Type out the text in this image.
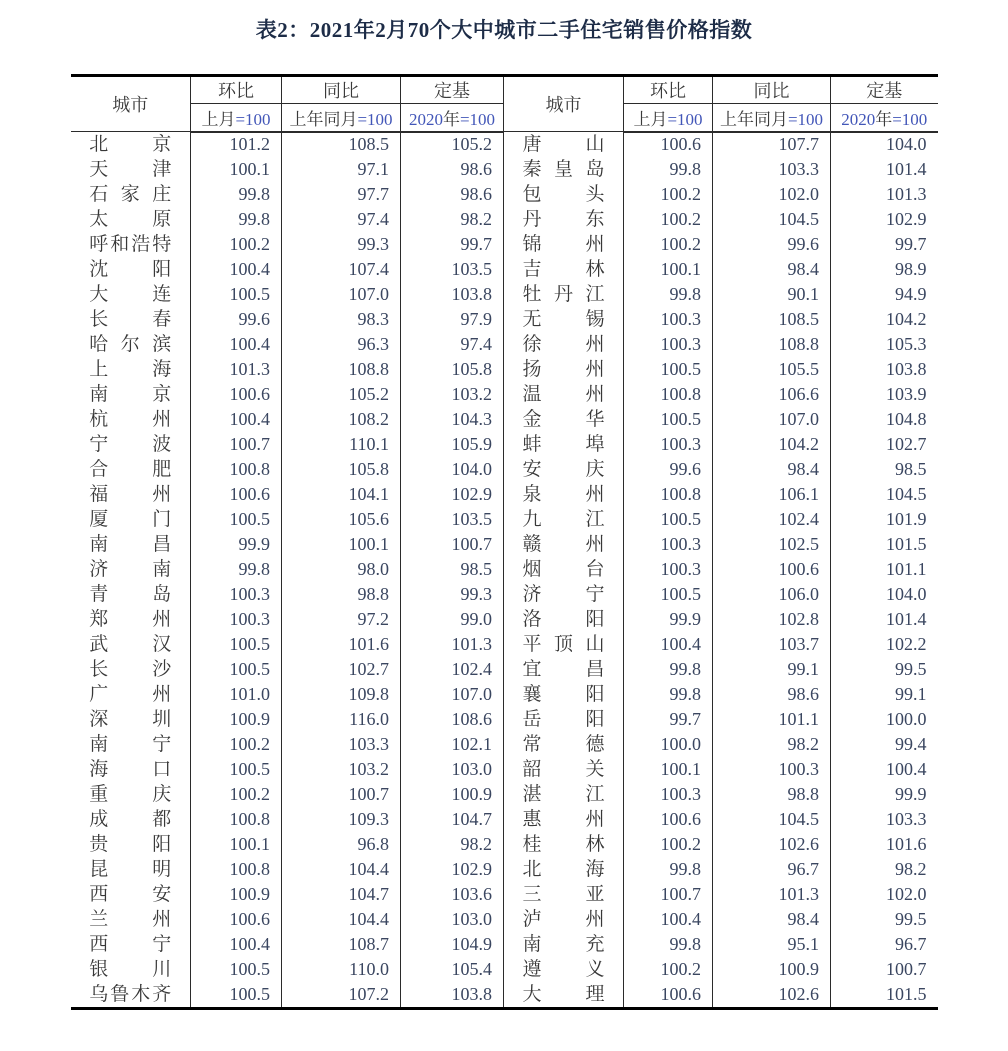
表2：2021年2月70个大中城市二手住宅销售价格指数
城市	环比	同比	定基	城市	环比	同比	定基
	上月=100	上年同月=100	2020年=100		上月=100	上年同月=100	2020年=100

北 京	101.2	108.5	105.2	唐 山	100.6	107.7	104.0

天 津	100.1	97.1	98.6	秦 皇 岛	99.8	103.3	101.4

石 家 庄	99.8	97.7	98.6	包 头	100.2	102.0	101.3

太 原	99.8	97.4	98.2	丹 东	100.2	104.5	102.9

呼 和 浩 特	100.2	99.3	99.7	锦 州	100.2	99.6	99.7

沈 阳	100.4	107.4	103.5	吉 林	100.1	98.4	98.9

大 连	100.5	107.0	103.8	牡 丹 江	99.8	90.1	94.9

长 春	99.6	98.3	97.9	无 锡	100.3	108.5	104.2

哈 尔 滨	100.4	96.3	97.4	徐 州	100.3	108.8	105.3

上 海	101.3	108.8	105.8	扬 州	100.5	105.5	103.8

南 京	100.6	105.2	103.2	温 州	100.8	106.6	103.9

杭 州	100.4	108.2	104.3	金 华	100.5	107.0	104.8

宁 波	100.7	110.1	105.9	蚌 埠	100.3	104.2	102.7

合 肥	100.8	105.8	104.0	安 庆	99.6	98.4	98.5

福 州	100.6	104.1	102.9	泉 州	100.8	106.1	104.5

厦 门	100.5	105.6	103.5	九 江	100.5	102.4	101.9

南 昌	99.9	100.1	100.7	赣 州	100.3	102.5	101.5

济 南	99.8	98.0	98.5	烟 台	100.3	100.6	101.1

青 岛	100.3	98.8	99.3	济 宁	100.5	106.0	104.0

郑 州	100.3	97.2	99.0	洛 阳	99.9	102.8	101.4

武 汉	100.5	101.6	101.3	平 顶 山	100.4	103.7	102.2

长 沙	100.5	102.7	102.4	宜 昌	99.8	99.1	99.5

广 州	101.0	109.8	107.0	襄 阳	99.8	98.6	99.1

深 圳	100.9	116.0	108.6	岳 阳	99.7	101.1	100.0

南 宁	100.2	103.3	102.1	常 德	100.0	98.2	99.4

海 口	100.5	103.2	103.0	韶 关	100.1	100.3	100.4

重 庆	100.2	100.7	100.9	湛 江	100.3	98.8	99.9

成 都	100.8	109.3	104.7	惠 州	100.6	104.5	103.3

贵 阳	100.1	96.8	98.2	桂 林	100.2	102.6	101.6

昆 明	100.8	104.4	102.9	北 海	99.8	96.7	98.2

西 安	100.9	104.7	103.6	三 亚	100.7	101.3	102.0

兰 州	100.6	104.4	103.0	泸 州	100.4	98.4	99.5

西 宁	100.4	108.7	104.9	南 充	99.8	95.1	96.7

银 川	100.5	110.0	105.4	遵 义	100.2	100.9	100.7

乌 鲁 木 齐	100.5	107.2	103.8	大 理	100.6	102.6	101.5
